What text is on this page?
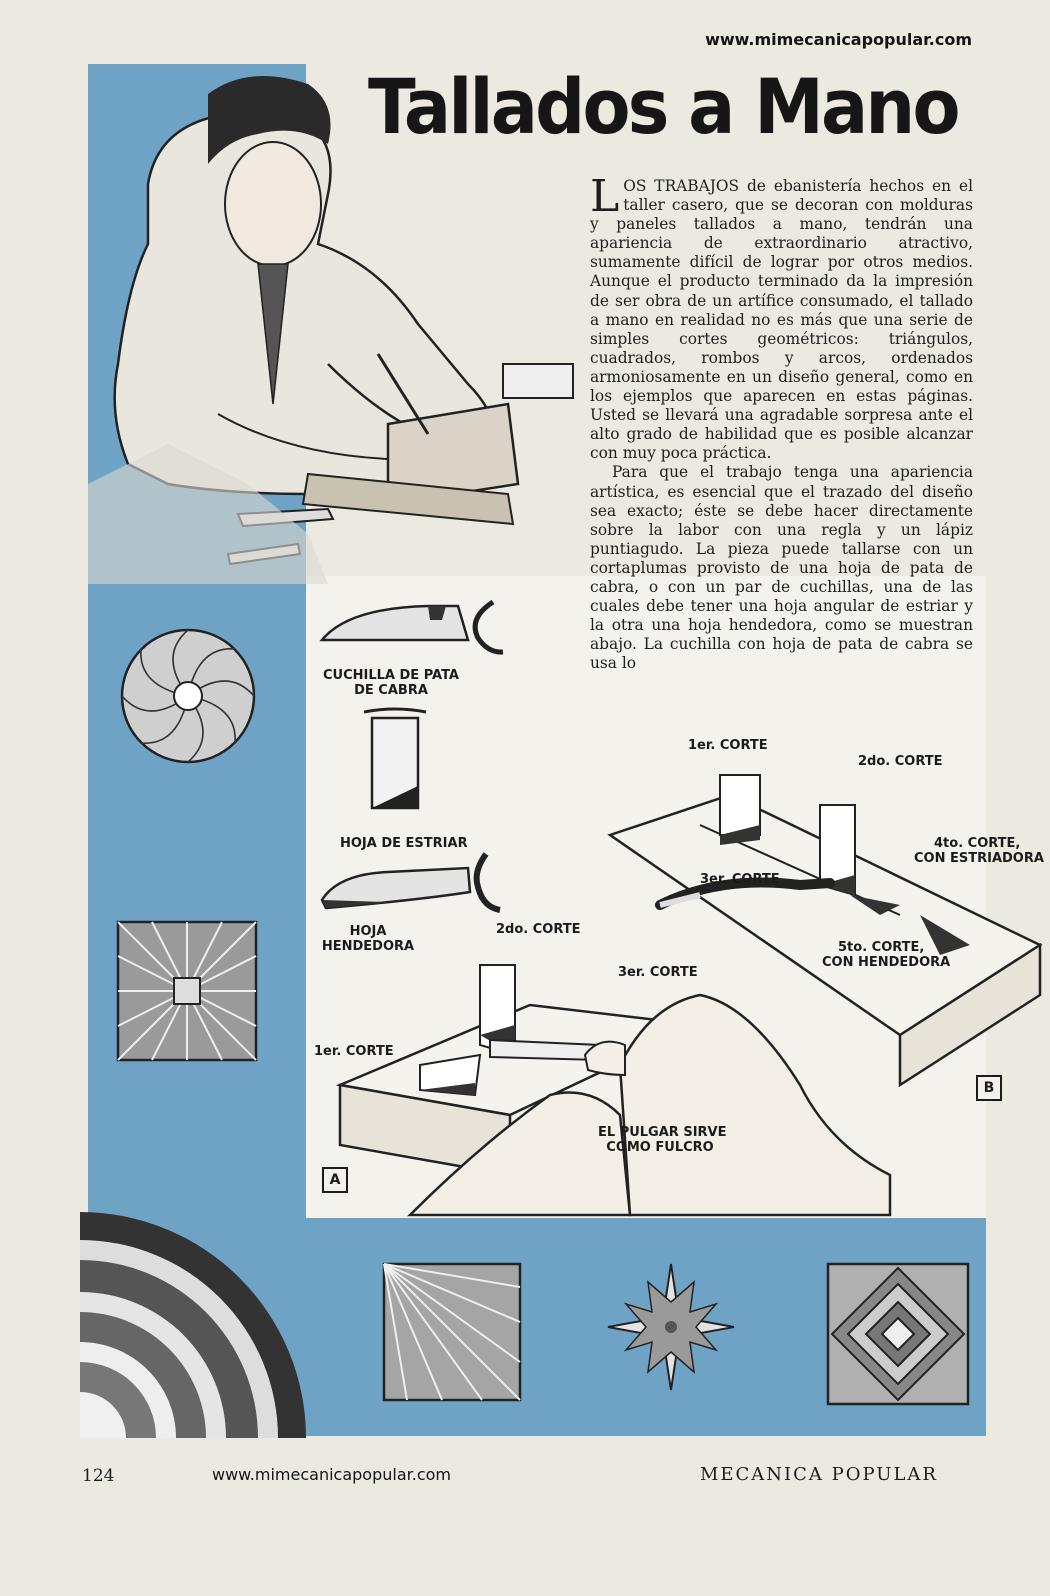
www.mimecanicapopular.com
Tallados a Mano

LOS TRABAJOS de ebanistería hechos en el taller casero, que se decoran con molduras y paneles tallados a mano, tendrán una apariencia de extraordinario atractivo, sumamente difícil de lograr por otros medios. Aunque el producto terminado da la impresión de ser obra de un artífice consumado, el tallado a mano en realidad no es más que una serie de simples cortes geométricos: triángulos, cuadrados, rombos y arcos, ordenados armoniosamente en un diseño general, como en los ejemplos que aparecen en estas páginas. Usted se llevará una agradable sorpresa ante el alto grado de habilidad que es posible alcanzar con muy poca práctica.

Para que el trabajo tenga una apariencia artística, es esencial que el trazado del diseño sea exacto; éste se debe hacer directamente sobre la labor con una regla y un lápiz puntiagudo. La pieza puede tallarse con un cortaplumas provisto de una hoja de pata de cabra, o con un par de cuchillas, una de las cuales debe tener una hoja angular de estriar y la otra una hoja hendedora, como se muestran abajo. La cuchilla con hoja de pata de cabra se usa lo

CUCHILLA DE PATA
DE CABRA
HOJA DE ESTRIAR
HOJA
HENDEDORA
1er. CORTE
2do. CORTE
3er. CORTE
4to. CORTE,
CON ESTRIADORA
5to. CORTE,
CON HENDEDORA
B
2do. CORTE
3er. CORTE
1er. CORTE
EL PULGAR SIRVE
COMO FULCRO
A
124	www.mimecanicapopular.com	MECANICA POPULAR
